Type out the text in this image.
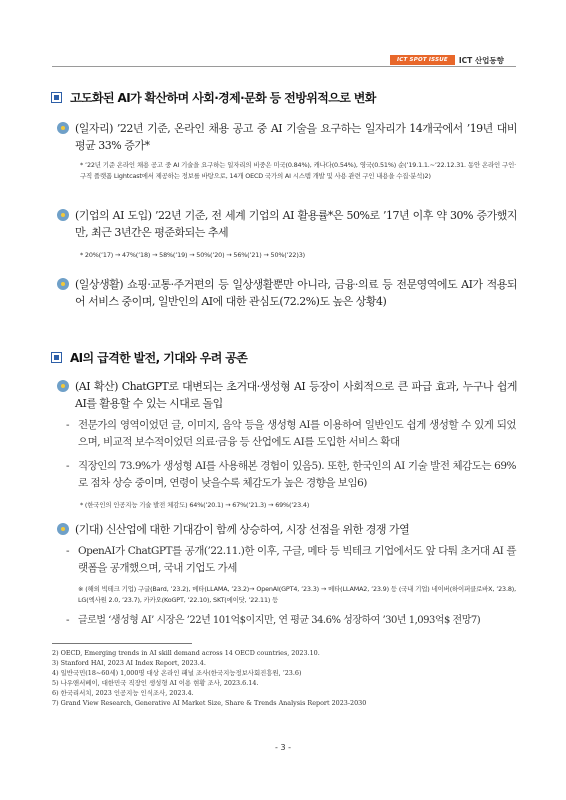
ICT SPOT ISSUE	ICT 산업동향
고도화된 AI가 확산하며 사회·경제·문화 등 전방위적으로 변화
(일자리) ’22년 기준, 온라인 채용 공고 중 AI 기술을 요구하는 일자리가 14개국에서 ’19년 대비 평균 33% 증가*
* ’22년 기준 온라인 채용 공고 중 AI 기술을 요구하는 일자리의 비중은 미국(0.84%), 캐나다(0.54%), 영국(0.51%) 순(’19.1.1.~’22.12.31. 동안 온라인 구인·구직 플랫폼 Lightcast에서 제공하는 정보를 바탕으로, 14개 OECD 국가의 AI 시스템 개발 및 사용 관련 구인 내용을 수집·분석)2)
(기업의 AI 도입) ’22년 기준, 전 세계 기업의 AI 활용률*은 50%로 ’17년 이후 약 30% 증가했지만, 최근 3년간은 평준화되는 추세
* 20%(’17) → 47%(’18) → 58%(’19) → 50%(’20) → 56%(’21) → 50%(’22)3)
(일상생활) 쇼핑·교통·주거편의 등 일상생활뿐만 아니라, 금융·의료 등 전문영역에도 AI가 적용되어 서비스 중이며, 일반인의 AI에 대한 관심도(72.2%)도 높은 상황4)
AI의 급격한 발전, 기대와 우려 공존
(AI 확산) ChatGPT로 대변되는 초거대·생성형 AI 등장이 사회적으로 큰 파급 효과, 누구나 쉽게 AI를 활용할 수 있는 시대로 돌입
- 전문가의 영역이었던 글, 이미지, 음악 등을 생성형 AI를 이용하여 일반인도 쉽게 생성할 수 있게 되었으며, 비교적 보수적이었던 의료·금융 등 산업에도 AI를 도입한 서비스 확대
- 직장인의 73.9%가 생성형 AI를 사용해본 경험이 있음5). 또한, 한국인의 AI 기술 발전 체감도는 69%로 점차 상승 중이며, 연령이 낮을수록 체감도가 높은 경향을 보임6)
* (한국인의 인공지능 기술 발전 체감도) 64%(’20.1) → 67%(’21.3) → 69%(’23.4)
(기대) 신산업에 대한 기대감이 함께 상승하여, 시장 선점을 위한 경쟁 가열
- OpenAI가 ChatGPT를 공개(’22.11.)한 이후, 구글, 메타 등 빅테크 기업에서도 앞 다퉈 초거대 AI 플랫폼을 공개했으며, 국내 기업도 가세
※ (해외 빅테크 기업) 구글(Bard, ’23.2), 메타(LLAMA, ’23.2)→ OpenAI(GPT4, ’23.3) → 메타(LLAMA2, ’23.9) 등 (국내 기업) 네이버(하이퍼클로바X, ’23.8), LG(엑사원 2.0, ’23.7), 카카오(KoGPT, ’22.10), SKT(에이닷, ’22.11) 등
- 글로벌 ‘생성형 AI’ 시장은 ’22년 101억$이지만, 연 평균 34.6% 성장하여 ’30년 1,093억$ 전망7)
2) OECD, Emerging trends in AI skill demand across 14 OECD countries, 2023.10.
3) Stanford HAI, 2023 AI Index Report, 2023.4.
4) 일반국민(18~60세) 1,000명 대상 온라인 패널 조사(한국지능정보사회진흥원, ’23.6)
5) 나우앤서베이, 대한민국 직장인 생성형 AI 이용 현황 조사, 2023.6.14.
6) 한국리서치, 2023 인공지능 인식조사, 2023.4.
7) Grand View Research, Generative AI Market Size, Share & Trends Analysis Report 2023-2030
- 3 -
